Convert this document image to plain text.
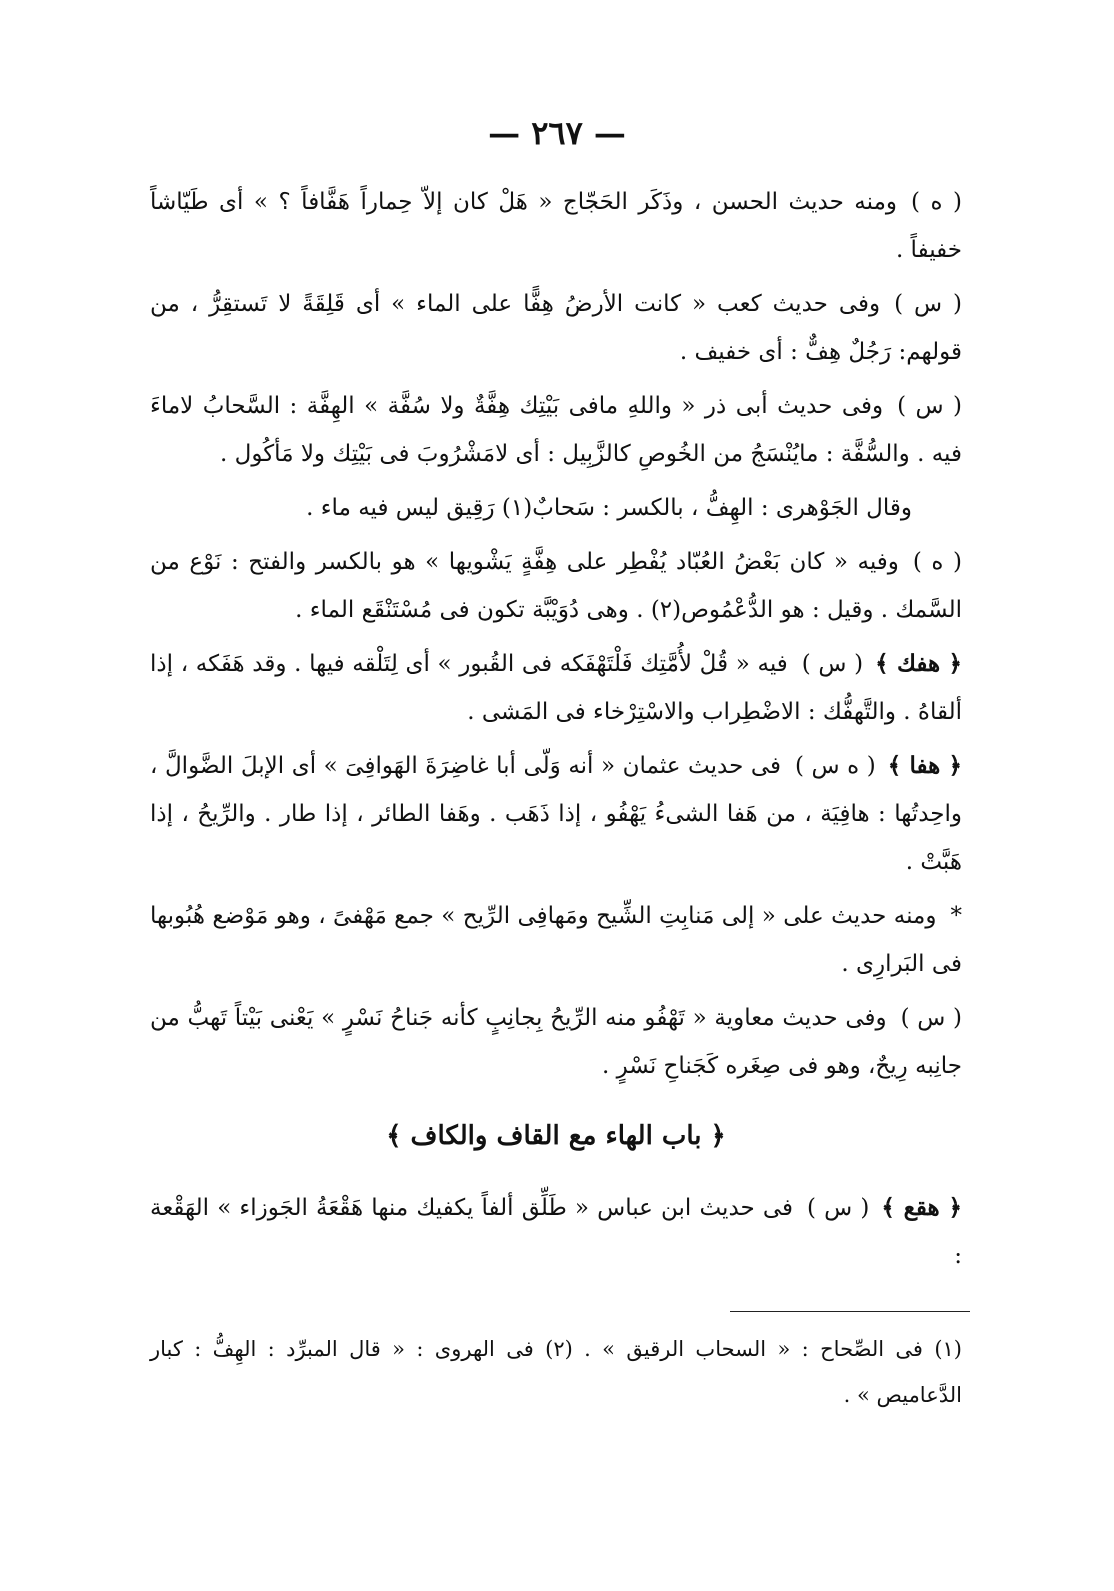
— ٢٦٧ —

( ه )ومنه حديث الحسن ، وذَكَر الحَجّاج « هَلْ كان إلاّ حِماراً هَفَّافاً ؟ » أى طَيّاشاً خفيفاً .

( س )وفى حديث كعب « كانت الأرضُ هِفًّا على الماء » أى قَلِقَةً لا تَستقِرُّ ، من قولهم: رَجُلٌ هِفٌّ : أى خفيف .

( س )وفى حديث أبى ذر « واللهِ مافى بَيْتِك هِفَّةٌ ولا سُفَّة » الهِفَّة : السَّحابُ لاماءَ فيه . والسُّفَّة : مايُنْسَجُ من الخُوصِ كالزَّبِيل : أى لامَشْرُوبَ فى بَيْتِك ولا مَأكُول .

وقال الجَوْهرى : الهِفُّ ، بالكسر : سَحابٌ(١) رَقِيق ليس فيه ماء .

( ه )وفيه « كان بَعْضُ العُبّاد يُفْطِر على هِفَّةٍ يَشْويها » هو بالكسر والفتح : نَوْع من السَّمك . وقيل : هو الدُّعْمُوص(٢) . وهى دُوَيْبَّة تكون فى مُسْتَنْقَع الماء .

﴿ هفك ﴾( س )فيه « قُلْ لأُمَّتِك فَلْتَهْفَكه فى القُبور » أى لِتَلْقه فيها . وقد هَفَكه ، إذا ألقاهُ . والتَّهفُّك : الاضْطِراب والاسْتِرْخاء فى المَشى .

﴿ هفا ﴾( ه س )فى حديث عثمان « أنه وَلّى أبا غاضِرَةَ الهَوافِىَ » أى الإبلَ الضَّوالَّ ، واحِدتُها : هافِيَة ، من هَفا الشىءُ يَهْفُو ، إذا ذَهَب . وهَفا الطائر ، إذا طار . والرِّيحُ ، إذا هَبَّتْ .

*ومنه حديث على « إلى مَنابِتِ الشِّيح ومَهافِى الرِّيح » جمع مَهْفىً ، وهو مَوْضع هُبُوبها فى البَرارِى .

( س )وفى حديث معاوية « تَهْفُو منه الرِّيحُ بِجانِبٍ كأنه جَناحُ نَسْرٍ » يَعْنى بَيْتاً تَهبُّ من جانِبه رِيحٌ، وهو فى صِغَره كَجَناحِ نَسْرٍ .

﴿ باب الهاء مع القاف والكاف ﴾

﴿ هقع ﴾( س )فى حديث ابن عباس « طَلِّق ألفاً يكفيك منها هَقْعَةُ الجَوزاء » الهَقْعة :

(١) فى الصِّحاح : « السحاب الرقيق » . (٢) فى الهروى : « قال المبرِّد : الهِفُّ : كبار الدَّعاميص » .
